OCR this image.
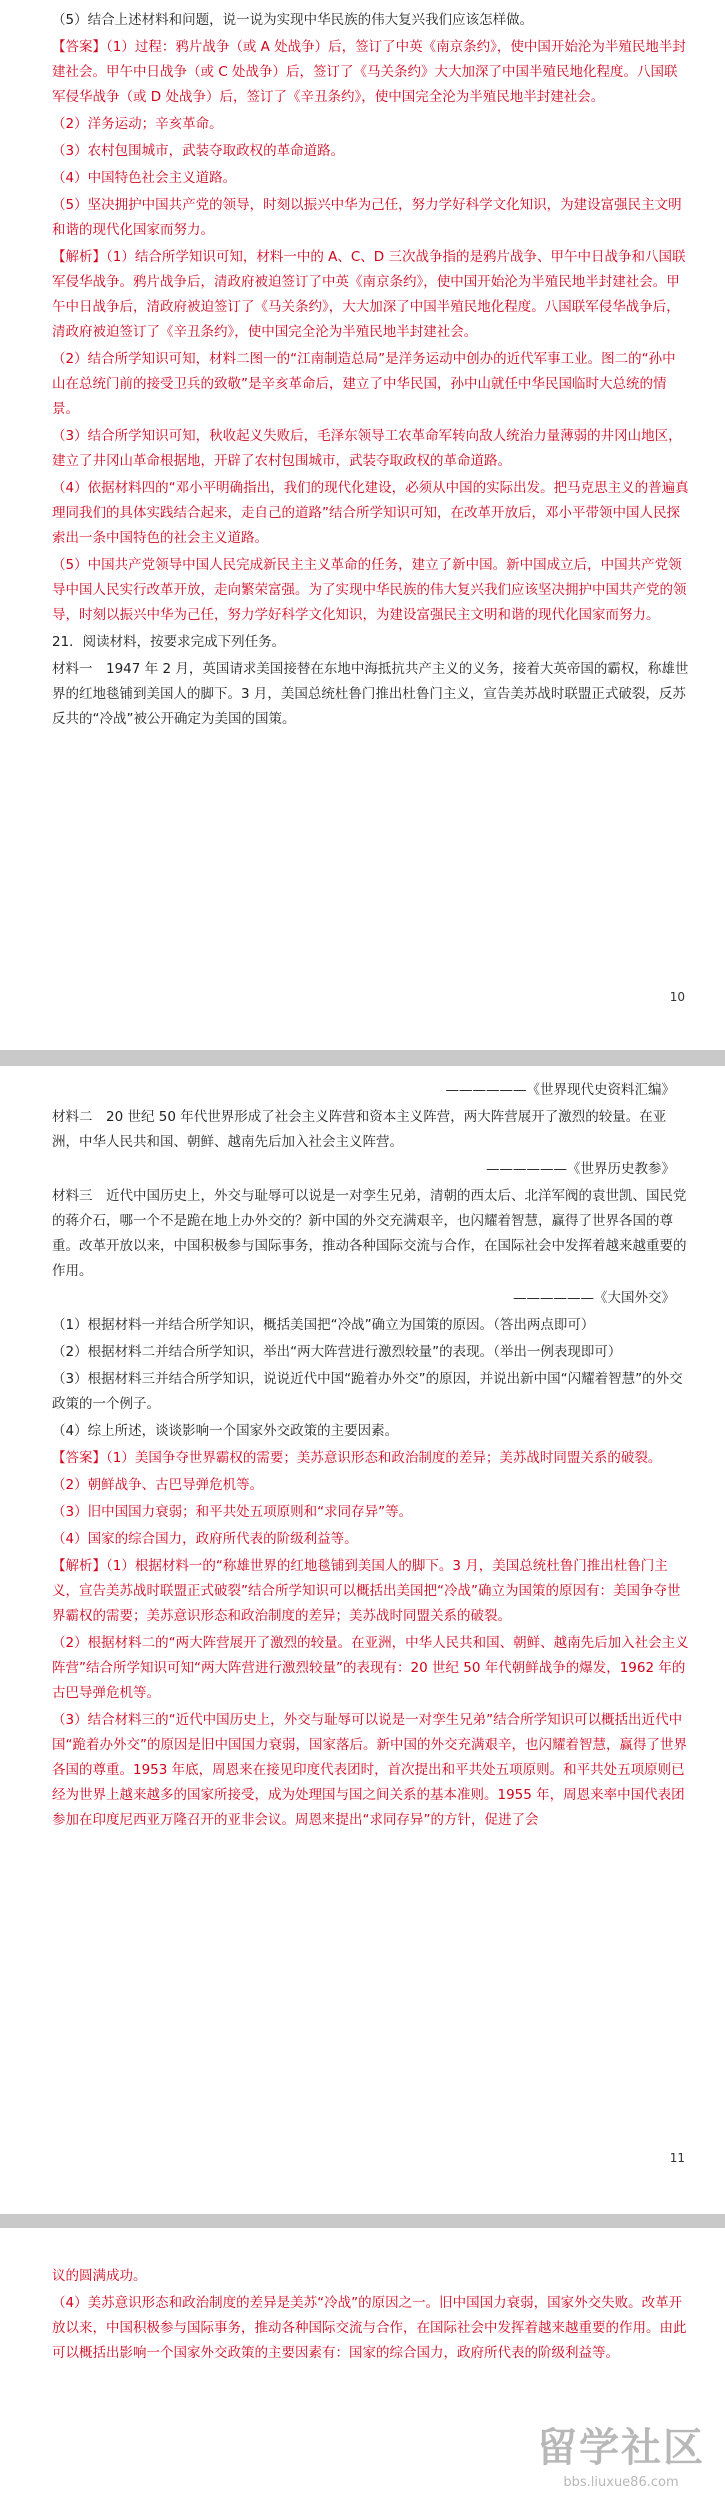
（5）结合上述材料和问题，说一说为实现中华民族的伟大复兴我们应该怎样做。

【答案】（1）过程：鸦片战争（或 A 处战争）后，签订了中英《南京条约》，使中国开始沦为半殖民地半封建社会。甲午中日战争（或 C 处战争）后，签订了《马关条约》大大加深了中国半殖民地化程度。八国联军侵华战争（或 D 处战争）后，签订了《辛丑条约》，使中国完全沦为半殖民地半封建社会。

（2）洋务运动；辛亥革命。

（3）农村包围城市，武装夺取政权的革命道路。

（4）中国特色社会主义道路。

（5）坚决拥护中国共产党的领导，时刻以振兴中华为己任，努力学好科学文化知识，为建设富强民主文明和谐的现代化国家而努力。

【解析】（1）结合所学知识可知，材料一中的 A、C、D 三次战争指的是鸦片战争、甲午中日战争和八国联军侵华战争。鸦片战争后，清政府被迫签订了中英《南京条约》，使中国开始沦为半殖民地半封建社会。甲午中日战争后，清政府被迫签订了《马关条约》，大大加深了中国半殖民地化程度。八国联军侵华战争后，清政府被迫签订了《辛丑条约》，使中国完全沦为半殖民地半封建社会。

（2）结合所学知识可知，材料二图一的“江南制造总局”是洋务运动中创办的近代军事工业。图二的“孙中山在总统门前的接受卫兵的致敬”是辛亥革命后，建立了中华民国，孙中山就任中华民国临时大总统的情景。

（3）结合所学知识可知，秋收起义失败后，毛泽东领导工农革命军转向敌人统治力量薄弱的井冈山地区，建立了井冈山革命根据地，开辟了农村包围城市，武装夺取政权的革命道路。

（4）依据材料四的“邓小平明确指出，我们的现代化建设，必须从中国的实际出发。把马克思主义的普遍真理同我们的具体实践结合起来，走自己的道路”结合所学知识可知，在改革开放后，邓小平带领中国人民探索出一条中国特色的社会主义道路。

（5）中国共产党领导中国人民完成新民主主义革命的任务，建立了新中国。新中国成立后，中国共产党领导中国人民实行改革开放，走向繁荣富强。为了实现中华民族的伟大复兴我们应该坚决拥护中国共产党的领导，时刻以振兴中华为己任，努力学好科学文化知识，为建设富强民主文明和谐的现代化国家而努力。

21．阅读材料，按要求完成下列任务。

材料一　1947 年 2 月，英国请求美国接替在东地中海抵抗共产主义的义务，接着大英帝国的霸权，称雄世界的红地毯铺到美国人的脚下。3 月，美国总统杜鲁门推出杜鲁门主义，宣告美苏战时联盟正式破裂，反苏反共的“冷战”被公开确定为美国的国策。

10

——————《世界现代史资料汇编》

材料二　20 世纪 50 年代世界形成了社会主义阵营和资本主义阵营，两大阵营展开了激烈的较量。在亚洲，中华人民共和国、朝鲜、越南先后加入社会主义阵营。

——————《世界历史教参》

材料三　近代中国历史上，外交与耻辱可以说是一对孪生兄弟，清朝的西太后、北洋军阀的袁世凯、国民党的蒋介石，哪一个不是跪在地上办外交的？新中国的外交充满艰辛，也闪耀着智慧，赢得了世界各国的尊重。改革开放以来，中国积极参与国际事务，推动各种国际交流与合作，在国际社会中发挥着越来越重要的作用。

——————《大国外交》

（1）根据材料一并结合所学知识，概括美国把“冷战”确立为国策的原因。（答出两点即可）

（2）根据材料二并结合所学知识，举出“两大阵营进行激烈较量”的表现。（举出一例表现即可）

（3）根据材料三并结合所学知识，说说近代中国“跪着办外交”的原因，并说出新中国“闪耀着智慧”的外交政策的一个例子。

（4）综上所述，谈谈影响一个国家外交政策的主要因素。

【答案】（1）美国争夺世界霸权的需要；美苏意识形态和政治制度的差异；美苏战时同盟关系的破裂。

（2）朝鲜战争、古巴导弹危机等。

（3）旧中国国力衰弱；和平共处五项原则和“求同存异”等。

（4）国家的综合国力，政府所代表的阶级利益等。

【解析】（1）根据材料一的“称雄世界的红地毯铺到美国人的脚下。3 月，美国总统杜鲁门推出杜鲁门主义，宣告美苏战时联盟正式破裂”结合所学知识可以概括出美国把“冷战”确立为国策的原因有：美国争夺世界霸权的需要；美苏意识形态和政治制度的差异；美苏战时同盟关系的破裂。

（2）根据材料二的“两大阵营展开了激烈的较量。在亚洲，中华人民共和国、朝鲜、越南先后加入社会主义阵营”结合所学知识可知“两大阵营进行激烈较量”的表现有：20 世纪 50 年代朝鲜战争的爆发，1962 年的古巴导弹危机等。

（3）结合材料三的“近代中国历史上，外交与耻辱可以说是一对孪生兄弟”结合所学知识可以概括出近代中国“跪着办外交”的原因是旧中国国力衰弱，国家落后。新中国的外交充满艰辛，也闪耀着智慧，赢得了世界各国的尊重。1953 年底，周恩来在接见印度代表团时，首次提出和平共处五项原则。和平共处五项原则已经为世界上越来越多的国家所接受，成为处理国与国之间关系的基本准则。1955 年，周恩来率中国代表团参加在印度尼西亚万隆召开的亚非会议。周恩来提出“求同存异”的方针，促进了会

11

议的圆满成功。

（4）美苏意识形态和政治制度的差异是美苏“冷战”的原因之一。旧中国国力衰弱，国家外交失败。改革开放以来，中国积极参与国际事务，推动各种国际交流与合作，在国际社会中发挥着越来越重要的作用。由此可以概括出影响一个国家外交政策的主要因素有：国家的综合国力，政府所代表的阶级利益等。

留学社区
bbs.liuxue86.com
